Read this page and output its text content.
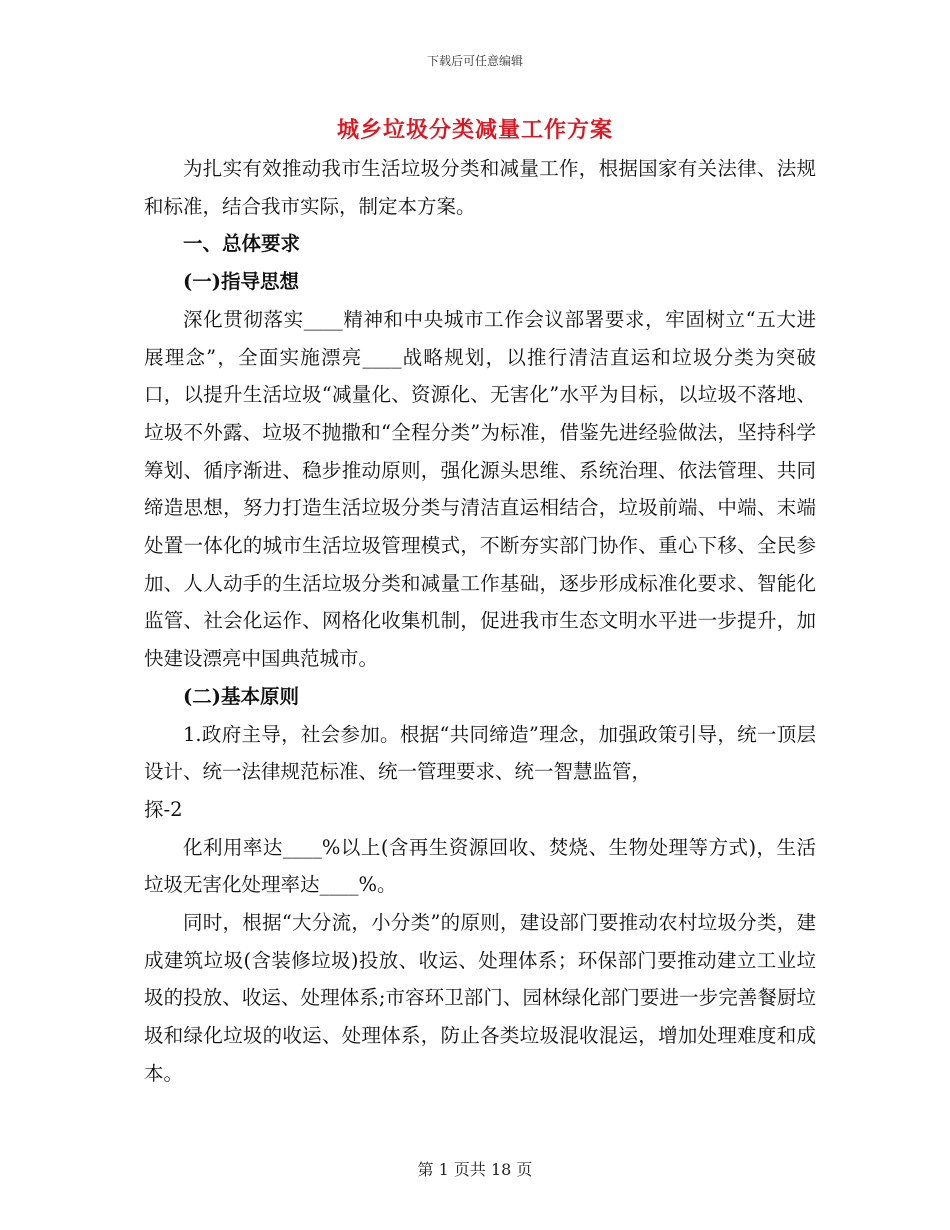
下载后可任意编辑
城乡垃圾分类减量工作方案

为扎实有效推动我市生活垃圾分类和减量工作，根据国家有关法律、法规和标准，结合我市实际，制定本方案。

一、总体要求

(一)指导思想

深化贯彻落实____精神和中央城市工作会议部署要求，牢固树立“五大进展理念”，全面实施漂亮____战略规划，以推行清洁直运和垃圾分类为突破口，以提升生活垃圾“减量化、资源化、无害化”水平为目标，以垃圾不落地、垃圾不外露、垃圾不抛撒和“全程分类”为标准，借鉴先进经验做法，坚持科学筹划、循序渐进、稳步推动原则，强化源头思维、系统治理、依法管理、共同缔造思想，努力打造生活垃圾分类与清洁直运相结合，垃圾前端、中端、末端处置一体化的城市生活垃圾管理模式，不断夯实部门协作、重心下移、全民参加、人人动手的生活垃圾分类和减量工作基础，逐步形成标准化要求、智能化监管、社会化运作、网格化收集机制，促进我市生态文明水平进一步提升，加快建设漂亮中国典范城市。

(二)基本原则

1.政府主导，社会参加。根据“共同缔造”理念，加强政策引导，统一顶层设计、统一法律规范标准、统一管理要求、统一智慧监管，

探-2

化利用率达____%以上(含再生资源回收、焚烧、生物处理等方式)，生活垃圾无害化处理率达____%。

同时，根据“大分流，小分类”的原则，建设部门要推动农村垃圾分类，建成建筑垃圾(含装修垃圾)投放、收运、处理体系；环保部门要推动建立工业垃圾的投放、收运、处理体系;市容环卫部门、园林绿化部门要进一步完善餐厨垃圾和绿化垃圾的收运、处理体系，防止各类垃圾混收混运，增加处理难度和成本。

第 1 页共 18 页
